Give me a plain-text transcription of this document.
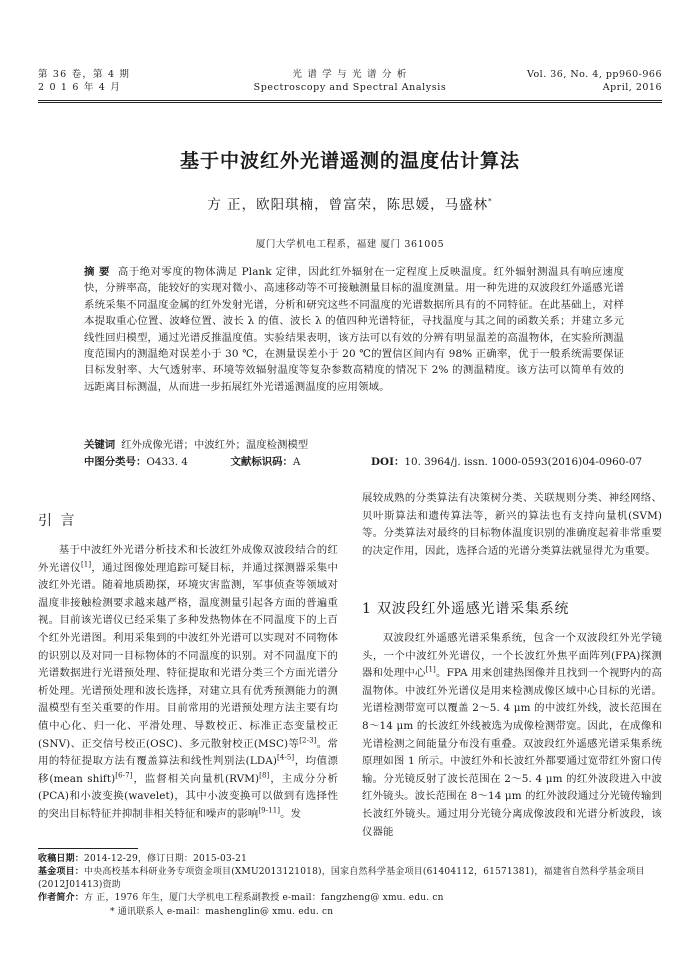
第 36 卷，第 4 期
2 0 1 6 年 4 月
光 谱 学 与 光 谱 分 析
Spectroscopy and Spectral Analysis
Vol. 36, No. 4, pp960-966
April, 2016
基于中波红外光谱遥测的温度估计算法
方 正，欧阳琪楠，曾富荣，陈思媛，马盛林*
厦门大学机电工程系，福建 厦门 361005
摘 要 高于绝对零度的物体满足 Plank 定律，因此红外辐射在一定程度上反映温度。红外辐射测温具有响应速度快，分辨率高，能较好的实现对微小、高速移动等不可接触测量目标的温度测量。用一种先进的双波段红外遥感光谱系统采集不同温度金属的红外发射光谱，分析和研究这些不同温度的光谱数据所具有的不同特征。在此基础上，对样本提取重心位置、波峰位置、波长 λ 的值、波长 λ 的值四种光谱特征，寻找温度与其之间的函数关系；并建立多元线性回归模型，通过光谱反推温度值。实验结果表明，该方法可以有效的分辨有明显温差的高温物体，在实验所测温度范围内的测温绝对误差小于 30 ℃，在测量误差小于 20 ℃的置信区间内有 98% 正确率，优于一般系统需要保证目标发射率、大气透射率、环境等效辐射温度等复杂参数高精度的情况下 2% 的测温精度。该方法可以简单有效的远距离目标测温，从而进一步拓展红外光谱遥测温度的应用领域。
关键词 红外成像光谱；中波红外；温度检测模型
中图分类号：O433. 4	文献标识码：A	DOI：10. 3964/j. issn. 1000-0593(2016)04-0960-07
引 言
基于中波红外光谱分析技术和长波红外成像双波段结合的红外光谱仪[1]，通过图像处理追踪可疑目标，并通过探测器采集中波红外光谱。随着地质勘探，环境灾害监测，军事侦查等领域对温度非接触检测要求越来越严格，温度测量引起各方面的普遍重视。目前该光谱仪已经采集了多种发热物体在不同温度下的上百个红外光谱图。利用采集到的中波红外光谱可以实现对不同物体的识别以及对同一目标物体的不同温度的识别。对不同温度下的光谱数据进行光谱预处理、特征提取和光谱分类三个方面光谱分析处理。光谱预处理和波长选择，对建立具有优秀预测能力的测温模型有至关重要的作用。目前常用的光谱预处理方法主要有均值中心化、归一化、平滑处理、导数校正、标准正态变量校正(SNV)、正交信号校正(OSC)、多元散射校正(MSC)等[2-3]。常用的特征提取方法有覆盖算法和线性判别法(LDA)[4-5]，均值漂移(mean shift)[6-7]，监督相关向量机(RVM)[8]，主成分分析(PCA)和小波变换(wavelet)，其中小波变换可以做到有选择性的突出目标特征并抑制非相关特征和噪声的影响[9-11]。发
展较成熟的分类算法有决策树分类、关联规则分类、神经网络、贝叶斯算法和遗传算法等，新兴的算法也有支持向量机(SVM)等。分类算法对最终的目标物体温度识别的准确度起着非常重要的决定作用，因此，选择合适的光谱分类算法就显得尤为重要。
1 双波段红外遥感光谱采集系统
双波段红外遥感光谱采集系统，包含一个双波段红外光学镜头，一个中波红外光谱仪，一个长波红外焦平面阵列(FPA)探测器和处理中心[1]。FPA 用来创建热图像并且找到一个视野内的高温物体。中波红外光谱仪是用来检测成像区域中心目标的光谱。光谱检测带宽可以覆盖 2～5. 4 μm 的中波红外线，波长范围在 8～14 μm 的长波红外线被选为成像检测带宽。因此，在成像和光谱检测之间能量分布没有重叠。双波段红外遥感光谱采集系统原理如图 1 所示。中波红外和长波红外都要通过宽带红外窗口传输。分光镜反射了波长范围在 2～5. 4 μm 的红外波段进入中波红外镜头。波长范围在 8～14 μm 的红外波段通过分光镜传输到长波红外镜头。通过用分光镜分离成像波段和光谱分析波段，该仪器能
收稿日期：2014-12-29，修订日期：2015-03-21
基金项目：中央高校基本科研业务专项资金项目(XMU2013121018)，国家自然科学基金项目(61404112，61571381)，福建省自然科学基金项目(2012J01413)资助
作者简介：方 正，1976 年生，厦门大学机电工程系副教授 e-mail：fangzheng@ xmu. edu. cn
* 通讯联系人 e-mail：mashenglin@ xmu. edu. cn
